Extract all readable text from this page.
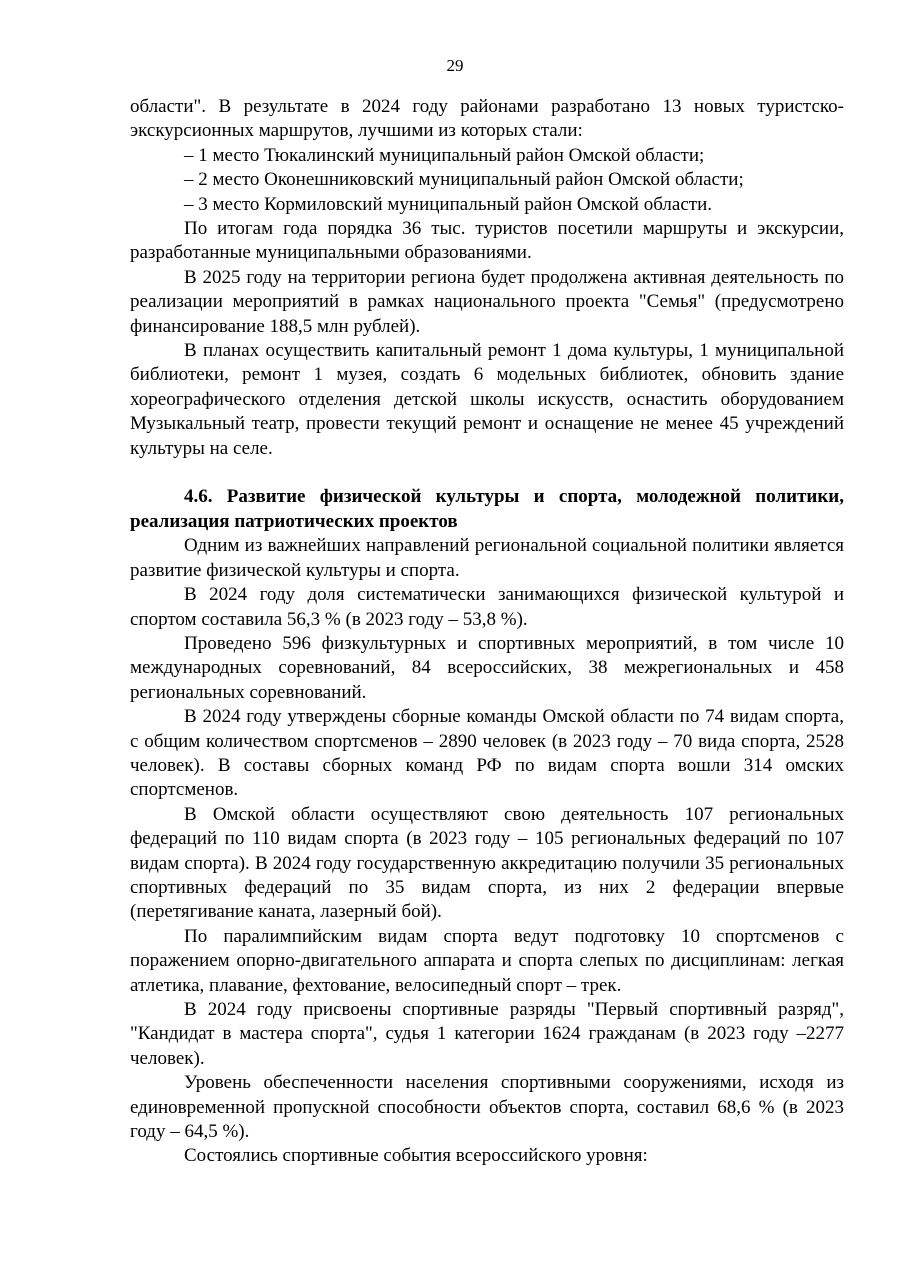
29

области". В результате в 2024 году районами разработано 13 новых туристско-экскурсионных маршрутов, лучшими из которых стали:

– 1 место Тюкалинский муниципальный район Омской области;

– 2 место Оконешниковский муниципальный район Омской области;

– 3 место Кормиловский муниципальный район Омской области.

По итогам года порядка 36 тыс. туристов посетили маршруты и экскурсии, разработанные муниципальными образованиями.

В 2025 году на территории региона будет продолжена активная деятельность по реализации мероприятий в рамках национального проекта "Семья" (предусмотрено финансирование 188,5 млн рублей).

В планах осуществить капитальный ремонт 1 дома культуры, 1 муниципальной библиотеки, ремонт 1 музея, создать 6 модельных библиотек, обновить здание хореографического отделения детской школы искусств, оснастить оборудованием Музыкальный театр, провести текущий ремонт и оснащение не менее 45 учреждений культуры на селе.

4.6. Развитие физической культуры и спорта, молодежной политики, реализация патриотических проектов

Одним из важнейших направлений региональной социальной политики является развитие физической культуры и спорта.

В 2024 году доля систематически занимающихся физической культурой и спортом составила 56,3 % (в 2023 году – 53,8 %).

Проведено 596 физкультурных и спортивных мероприятий, в том числе 10 международных соревнований, 84 всероссийских, 38 межрегиональных и 458 региональных соревнований.

В 2024 году утверждены сборные команды Омской области по 74 видам спорта, с общим количеством спортсменов – 2890 человек (в 2023 году – 70 вида спорта, 2528 человек). В составы сборных команд РФ по видам спорта вошли 314 омских спортсменов.

В Омской области осуществляют свою деятельность 107 региональных федераций по 110 видам спорта (в 2023 году – 105 региональных федераций по 107 видам спорта). В 2024 году государственную аккредитацию получили 35 региональных спортивных федераций по 35 видам спорта, из них 2 федерации впервые (перетягивание каната, лазерный бой).

По паралимпийским видам спорта ведут подготовку 10 спортсменов с поражением опорно-двигательного аппарата и спорта слепых по дисциплинам: легкая атлетика, плавание, фехтование, велосипедный спорт – трек.

В 2024 году присвоены спортивные разряды "Первый спортивный разряд", "Кандидат в мастера спорта", судья 1 категории 1624 гражданам (в 2023 году –2277 человек).

Уровень обеспеченности населения спортивными сооружениями, исходя из единовременной пропускной способности объектов спорта, составил 68,6 % (в 2023 году – 64,5 %).

Состоялись спортивные события всероссийского уровня:
